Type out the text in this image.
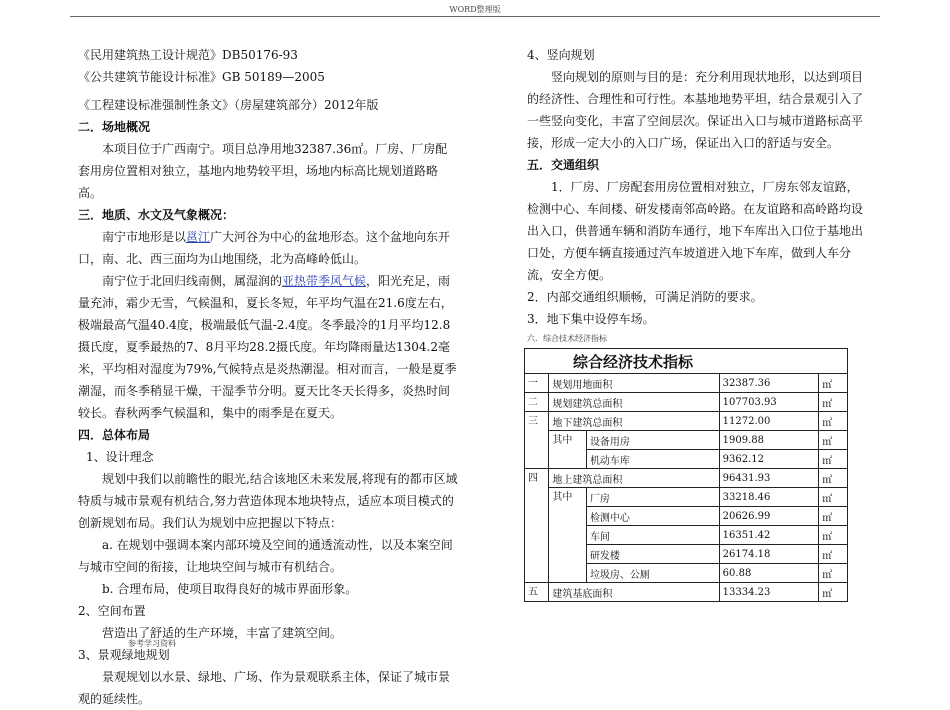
WORD整理版

《民用建筑热工设计规范》DB50176-93

《公共建筑节能设计标准》GB 50189—2005

《工程建设标准强制性条文》（房屋建筑部分）2012年版

二．场地概况

本项目位于广西南宁。项目总净用地32387.36㎡。厂房、厂房配套用房位置相对独立，基地内地势较平坦，场地内标高比规划道路略高。

三．地质、水文及气象概况：

南宁市地形是以邕江广大河谷为中心的盆地形态。这个盆地向东开口，南、北、西三面均为山地围绕，北为高峰岭低山。

南宁位于北回归线南侧，属湿润的亚热带季风气候，阳光充足，雨量充沛，霜少无雪，气候温和，夏长冬短，年平均气温在21.6度左右，极端最高气温40.4度，极端最低气温-2.4度。冬季最冷的1月平均12.8摄氏度，夏季最热的7、8月平均28.2摄氏度。年均降雨量达1304.2毫米，平均相对湿度为79%,气候特点是炎热潮湿。相对而言，一般是夏季潮湿，而冬季稍显干燥，干湿季节分明。夏天比冬天长得多，炎热时间较长。春秋两季气候温和，集中的雨季是在夏天。

四．总体布局

1、设计理念

规划中我们以前瞻性的眼光,结合该地区未来发展,将现有的都市区域特质与城市景观有机结合,努力营造体现本地块特点，适应本项目模式的创新规划布局。我们认为规划中应把握以下特点：

a. 在规划中强调本案内部环境及空间的通透流动性，以及本案空间与城市空间的衔接，让地块空间与城市有机结合。

b. 合理布局，使项目取得良好的城市界面形象。

2、空间布置

营造出了舒适的生产环境，丰富了建筑空间。

3、景观绿地规划

景观规划以水景、绿地、广场、作为景观联系主体，保证了城市景观的延续性。

4、竖向规划

竖向规划的原则与目的是：充分利用现状地形，以达到项目的经济性、合理性和可行性。本基地地势平坦，结合景观引入了一些竖向变化，丰富了空间层次。保证出入口与城市道路标高平接，形成一定大小的入口广场，保证出入口的舒适与安全。

五．交通组织

1．厂房、厂房配套用房位置相对独立，厂房东邻友谊路，检测中心、车间楼、研发楼南邻高岭路。在友谊路和高岭路均设出入口，供普通车辆和消防车通行，地下车库出入口位于基地出口处，方便车辆直接通过汽车坡道进入地下车库，做到人车分流，安全方便。

2．内部交通组织顺畅，可满足消防的要求。

3．地下集中设停车场。

六．综合技术经济指标
综合经济技术指标				
一	规划用地面积		32387.36	㎡
二	规划建筑总面积		107703.93	㎡
三	地下建筑总面积		11272.00	㎡
	其中	设备用房	1909.88	㎡
		机动车库	9362.12	㎡
四	地上建筑总面积		96431.93	㎡
	其中	厂房	33218.46	㎡
		检测中心	20626.99	㎡
		车间	16351.42	㎡
		研发楼	26174.18	㎡
		垃圾房、公厕	60.88	㎡
五	建筑基底面积		13334.23	㎡
参考学习资料
